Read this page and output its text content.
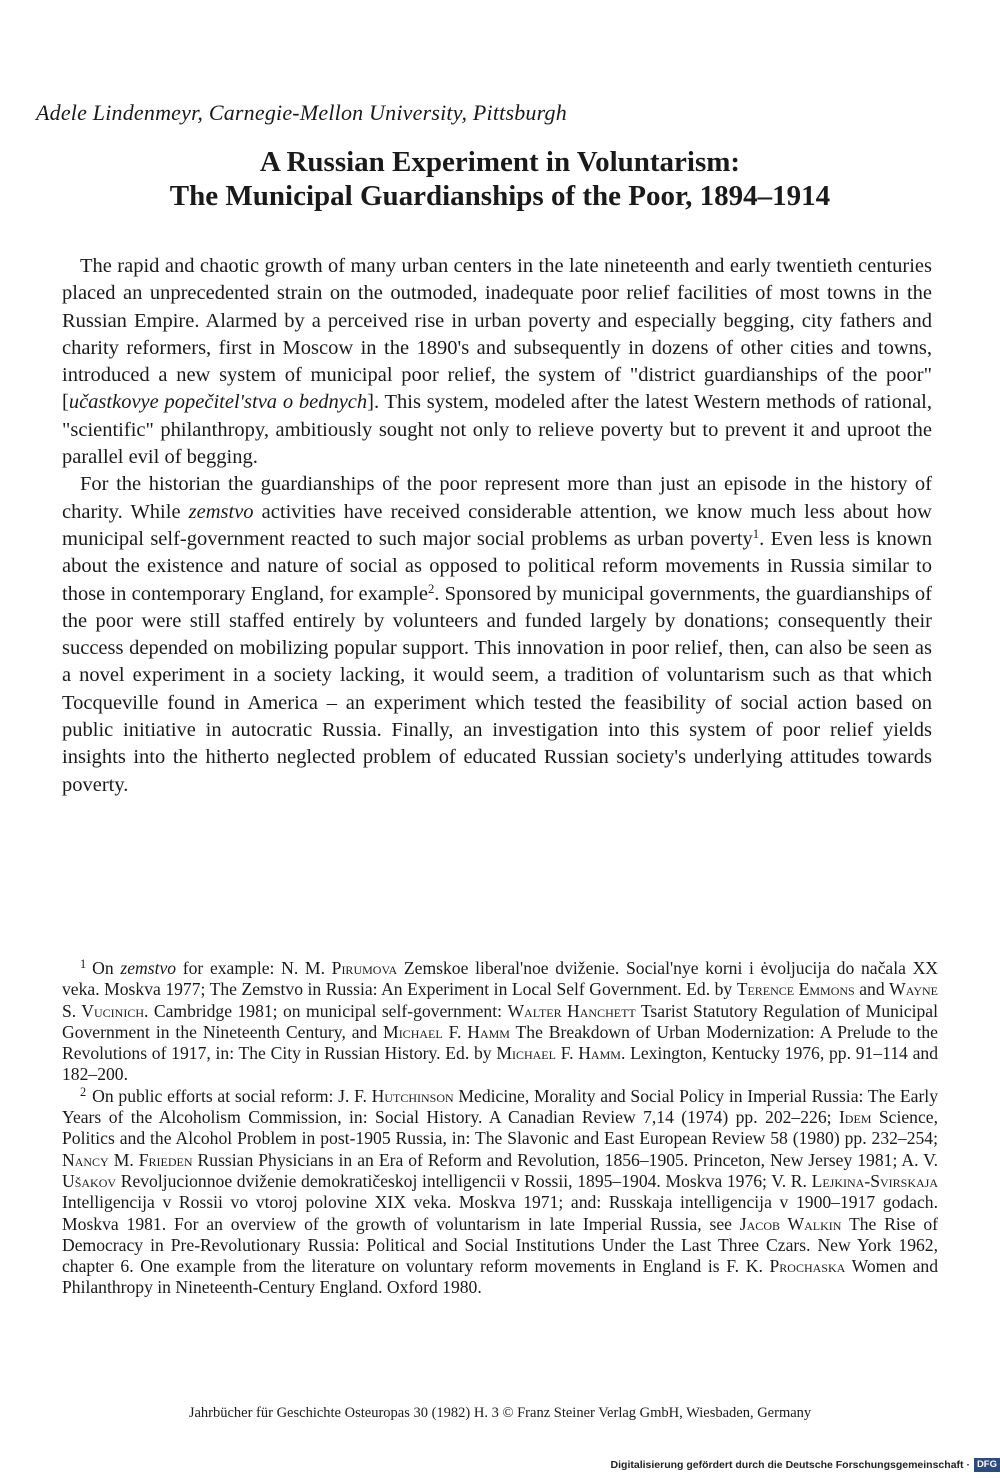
Adele Lindenmeyr, Carnegie-Mellon University, Pittsburgh
A Russian Experiment in Voluntarism:
The Municipal Guardianships of the Poor, 1894–1914

The rapid and chaotic growth of many urban centers in the late nineteenth and early twentieth centuries placed an unprecedented strain on the outmoded, inadequate poor relief facilities of most towns in the Russian Empire. Alarmed by a perceived rise in urban poverty and especially begging, city fathers and charity reformers, first in Moscow in the 1890's and subsequently in dozens of other cities and towns, introduced a new system of municipal poor relief, the system of "district guardianships of the poor" [učastkovye popečitel'stva o bednych]. This system, modeled after the latest Western methods of rational, "scientific" philanthropy, ambitiously sought not only to relieve poverty but to prevent it and uproot the parallel evil of begging.

For the historian the guardianships of the poor represent more than just an episode in the history of charity. While zemstvo activities have received considerable attention, we know much less about how municipal self-government reacted to such major social problems as urban poverty$^1$. Even less is known about the existence and nature of social as opposed to political reform movements in Russia similar to those in contemporary England, for example$^2$. Sponsored by municipal governments, the guardianships of the poor were still staffed entirely by volunteers and funded largely by donations; consequently their success depended on mobilizing popular support. This innovation in poor relief, then, can also be seen as a novel experiment in a society lacking, it would seem, a tradition of voluntarism such as that which Tocqueville found in America – an experiment which tested the feasibility of social action based on public initiative in autocratic Russia. Finally, an investigation into this system of poor relief yields insights into the hitherto neglected problem of educated Russian society's underlying attitudes towards poverty.

$^1$ On zemstvo for example: N. M. Pirumova Zemskoe liberal'noe dviženie. Social'nye korni i ėvoljucija do načala XX veka. Moskva 1977; The Zemstvo in Russia: An Experiment in Local Self Government. Ed. by Terence Emmons and Wayne S. Vucinich. Cambridge 1981; on municipal self-government: Walter Hanchett Tsarist Statutory Regulation of Municipal Government in the Nineteenth Century, and Michael F. Hamm The Breakdown of Urban Modernization: A Prelude to the Revolutions of 1917, in: The City in Russian History. Ed. by Michael F. Hamm. Lexington, Kentucky 1976, pp. 91–114 and 182–200.

$^2$ On public efforts at social reform: J. F. Hutchinson Medicine, Morality and Social Policy in Imperial Russia: The Early Years of the Alcoholism Commission, in: Social History. A Canadian Review 7,14 (1974) pp. 202–226; Idem Science, Politics and the Alcohol Problem in post-1905 Russia, in: The Slavonic and East European Review 58 (1980) pp. 232–254; Nancy M. Frieden Russian Physicians in an Era of Reform and Revolution, 1856–1905. Princeton, New Jersey 1981; A. V. Ušakov Revoljucionnoe dviženie demokratičeskoj intelligencii v Rossii, 1895–1904. Moskva 1976; V. R. Lejkina-Svirskaja Intelligencija v Rossii vo vtoroj polovine XIX veka. Moskva 1971; and: Russkaja intelligencija v 1900–1917 godach. Moskva 1981. For an overview of the growth of voluntarism in late Imperial Russia, see Jacob Walkin The Rise of Democracy in Pre-Revolutionary Russia: Political and Social Institutions Under the Last Three Czars. New York 1962, chapter 6. One example from the literature on voluntary reform movements in England is F. K. Prochaska Women and Philanthropy in Nineteenth-Century England. Oxford 1980.

Jahrbücher für Geschichte Osteuropas 30 (1982) H. 3 © Franz Steiner Verlag GmbH, Wiesbaden, Germany
Digitalisierung gefördert durch die Deutsche Forschungsgemeinschaft · DFG
